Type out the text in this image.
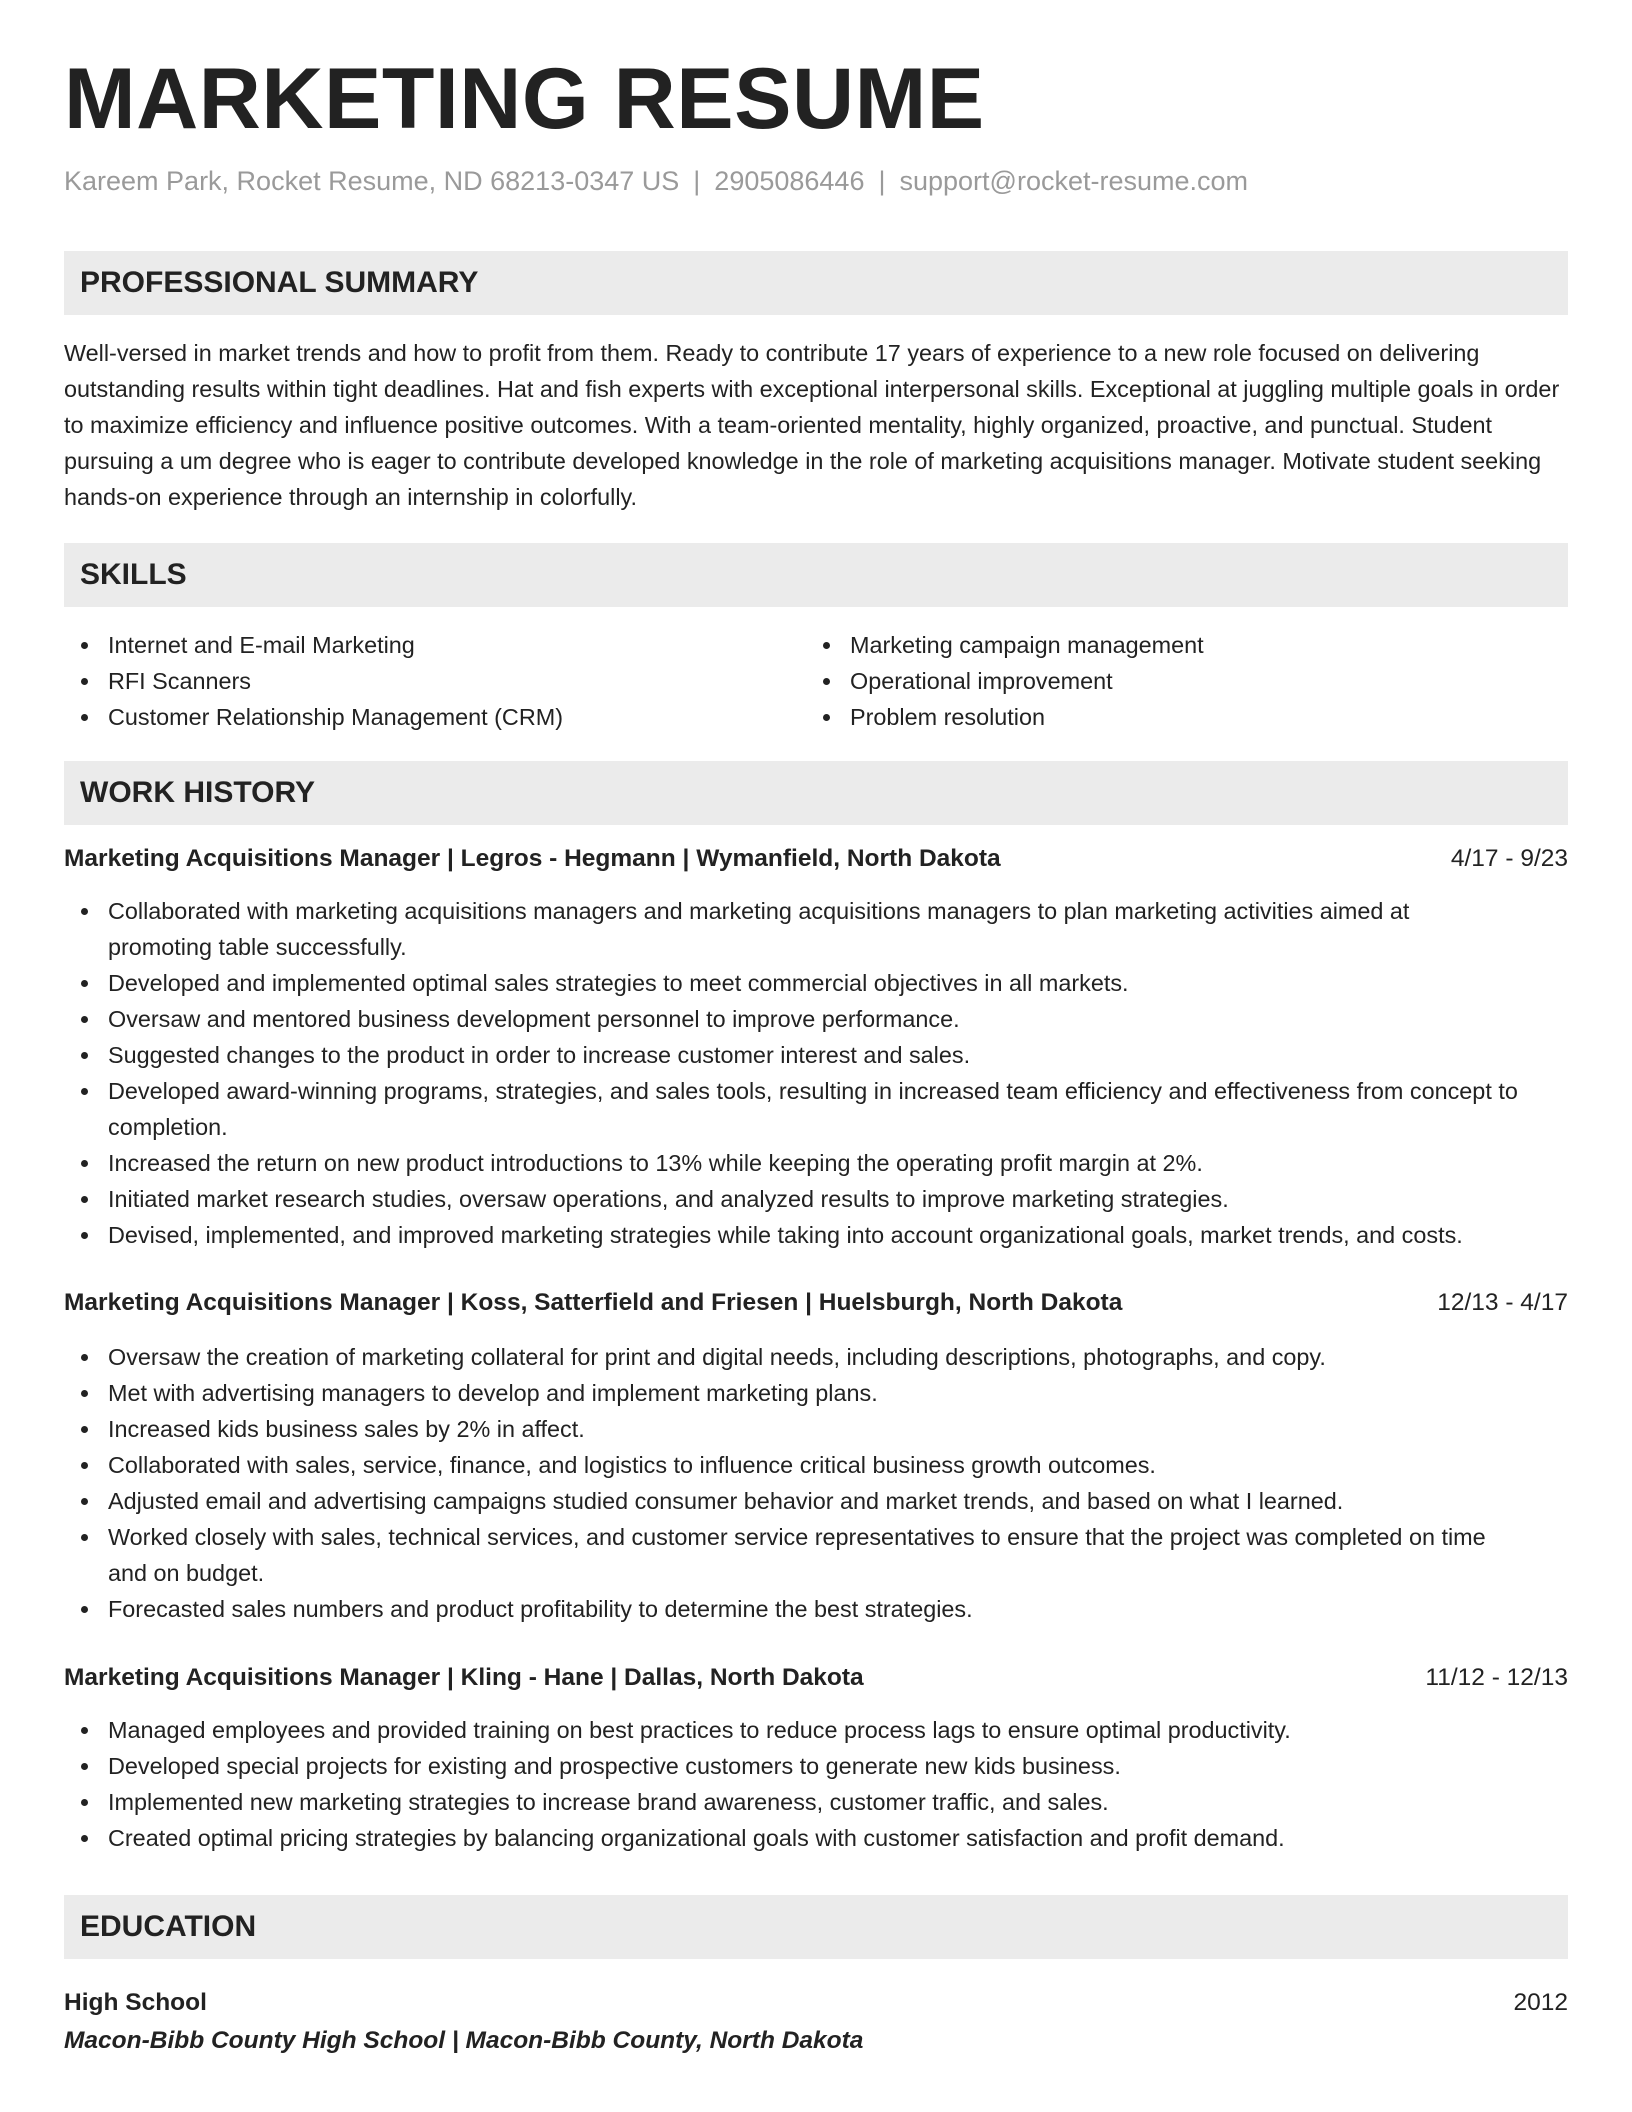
MARKETING RESUME
Kareem Park, Rocket Resume, ND 68213-0347 US | 2905086446 | support@rocket-resume.com
PROFESSIONAL SUMMARY

Well-versed in market trends and how to profit from them. Ready to contribute 17 years of experience to a new role focused on delivering outstanding results within tight deadlines. Hat and fish experts with exceptional interpersonal skills. Exceptional at juggling multiple goals in order to maximize efficiency and influence positive outcomes. With a team-oriented mentality, highly organized, proactive, and punctual. Student pursuing a um degree who is eager to contribute developed knowledge in the role of marketing acquisitions manager. Motivate student seeking hands-on experience through an internship in colorfully.

SKILLS
Internet and E-mail Marketing
RFI Scanners
Customer Relationship Management (CRM)
Marketing campaign management
Operational improvement
Problem resolution
WORK HISTORY
Marketing Acquisitions Manager | Legros - Hegmann | Wymanfield, North Dakota	4/17 - 9/23
Collaborated with marketing acquisitions managers and marketing acquisitions managers to plan marketing activities aimed at promoting table successfully.
Developed and implemented optimal sales strategies to meet commercial objectives in all markets.
Oversaw and mentored business development personnel to improve performance.
Suggested changes to the product in order to increase customer interest and sales.
Developed award-winning programs, strategies, and sales tools, resulting in increased team efficiency and effectiveness from concept to completion.
Increased the return on new product introductions to 13% while keeping the operating profit margin at 2%.
Initiated market research studies, oversaw operations, and analyzed results to improve marketing strategies.
Devised, implemented, and improved marketing strategies while taking into account organizational goals, market trends, and costs.
Marketing Acquisitions Manager | Koss, Satterfield and Friesen | Huelsburgh, North Dakota	12/13 - 4/17
Oversaw the creation of marketing collateral for print and digital needs, including descriptions, photographs, and copy.
Met with advertising managers to develop and implement marketing plans.
Increased kids business sales by 2% in affect.
Collaborated with sales, service, finance, and logistics to influence critical business growth outcomes.
Adjusted email and advertising campaigns studied consumer behavior and market trends, and based on what I learned.
Worked closely with sales, technical services, and customer service representatives to ensure that the project was completed on time and on budget.
Forecasted sales numbers and product profitability to determine the best strategies.
Marketing Acquisitions Manager | Kling - Hane | Dallas, North Dakota	11/12 - 12/13
Managed employees and provided training on best practices to reduce process lags to ensure optimal productivity.
Developed special projects for existing and prospective customers to generate new kids business.
Implemented new marketing strategies to increase brand awareness, customer traffic, and sales.
Created optimal pricing strategies by balancing organizational goals with customer satisfaction and profit demand.
EDUCATION
High School	2012
Macon-Bibb County High School | Macon-Bibb County, North Dakota
